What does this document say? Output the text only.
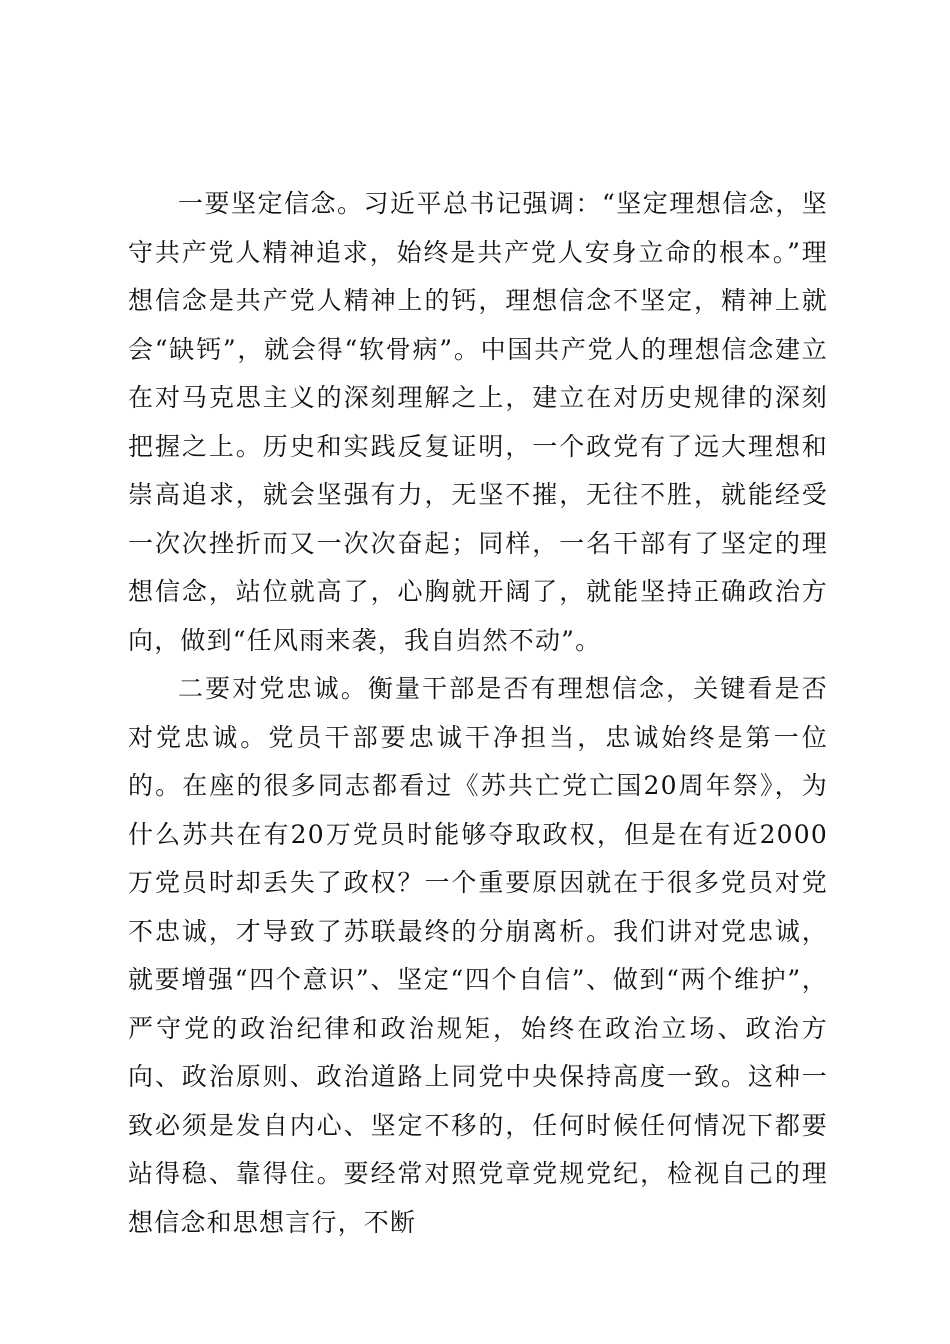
一要坚定信念。习近平总书记强调：“坚定理想信念，坚守共产党人精神追求，始终是共产党人安身立命的根本。”理想信念是共产党人精神上的钙，理想信念不坚定，精神上就会“缺钙”，就会得“软骨病”。中国共产党人的理想信念建立在对马克思主义的深刻理解之上，建立在对历史规律的深刻把握之上。历史和实践反复证明，一个政党有了远大理想和崇高追求，就会坚强有力，无坚不摧，无往不胜，就能经受一次次挫折而又一次次奋起；同样，一名干部有了坚定的理想信念，站位就高了，心胸就开阔了，就能坚持正确政治方向，做到“任风雨来袭，我自岿然不动”。

二要对党忠诚。衡量干部是否有理想信念，关键看是否对党忠诚。党员干部要忠诚干净担当，忠诚始终是第一位的。在座的很多同志都看过《苏共亡党亡国20周年祭》，为什么苏共在有20万党员时能够夺取政权，但是在有近2000万党员时却丢失了政权？一个重要原因就在于很多党员对党不忠诚，才导致了苏联最终的分崩离析。我们讲对党忠诚，就要增强“四个意识”、坚定“四个自信”、做到“两个维护”，严守党的政治纪律和政治规矩，始终在政治立场、政治方向、政治原则、政治道路上同党中央保持高度一致。这种一致必须是发自内心、坚定不移的，任何时候任何情况下都要站得稳、靠得住。要经常对照党章党规党纪，检视自己的理想信念和思想言行，不断
